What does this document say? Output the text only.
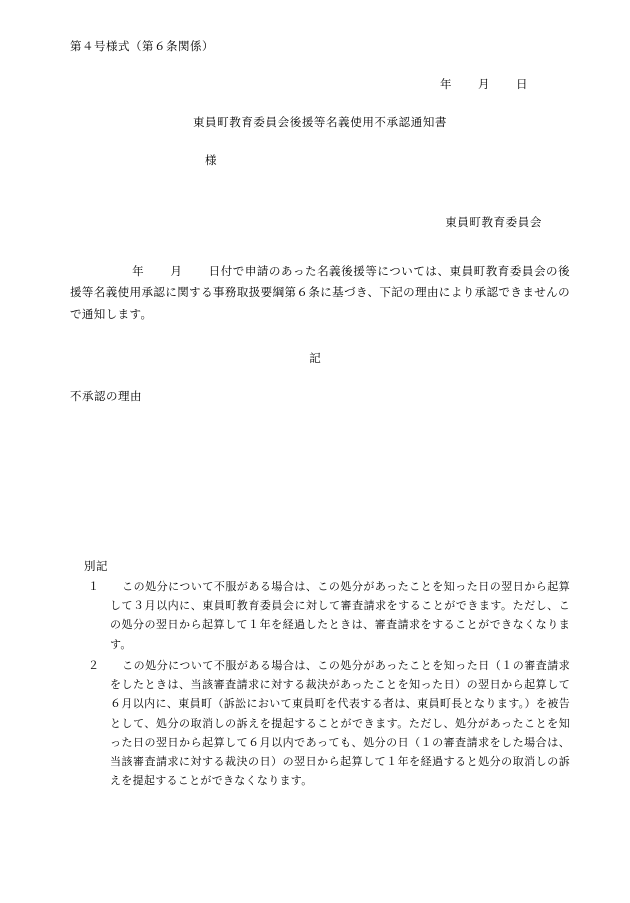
第４号様式（第６条関係）
年 月 日
東員町教育委員会後援等名義使用不承認通知書
様
東員町教育委員会
年 月 日付で申請のあった名義後援等については、東員町教育委員会の後援等名義使用承認に関する事務取扱要綱第６条に基づき、下記の理由により承認できませんので通知します。
記
不承認の理由
別記
１	この処分について不服がある場合は、この処分があったことを知った日の翌日から起算して３月以内に、東員町教育委員会に対して審査請求をすることができます。ただし、この処分の翌日から起算して１年を経過したときは、審査請求をすることができなくなります。
２	この処分について不服がある場合は、この処分があったことを知った日（１の審査請求をしたときは、当該審査請求に対する裁決があったことを知った日）の翌日から起算して６月以内に、東員町（訴訟において東員町を代表する者は、東員町長となります。）を被告として、処分の取消しの訴えを提起することができます。ただし、処分があったことを知った日の翌日から起算して６月以内であっても、処分の日（１の審査請求をした場合は、当該審査請求に対する裁決の日）の翌日から起算して１年を経過すると処分の取消しの訴えを提起することができなくなります。
